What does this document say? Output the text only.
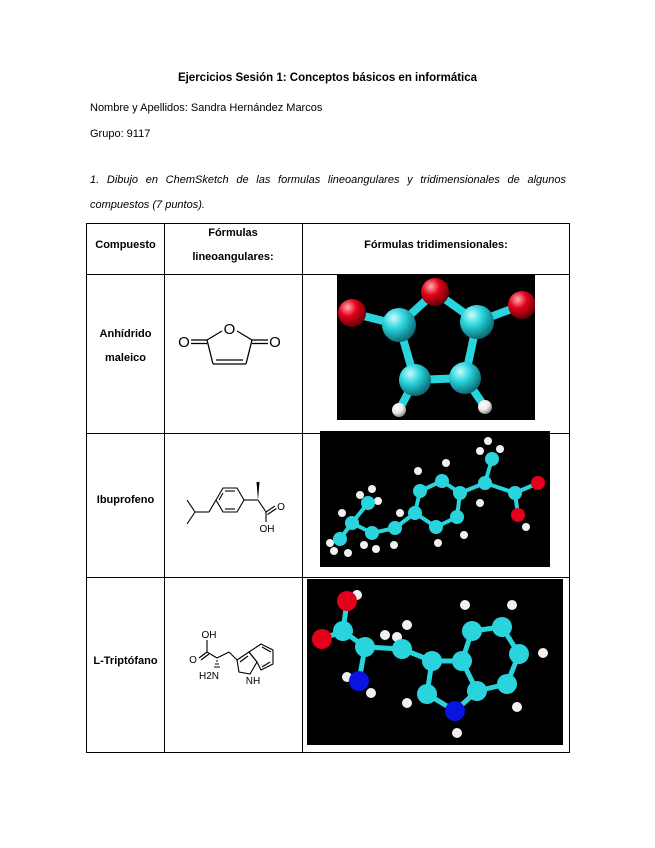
Ejercicios Sesión 1: Conceptos básicos en informática
Nombre y Apellidos: Sandra Hernández Marcos
Grupo: 9117
1. Dibujo en ChemSketch de las formulas lineoangulares y tridimensionales de algunos
compuestos (7 puntos).
Compuesto
Fórmulas
lineoangulares:
Fórmulas tridimensionales:
Anhídrido
maleico
Ibuprofeno
L-Triptófano
O
O	O
O
OH
OH
O
H2N	NH
